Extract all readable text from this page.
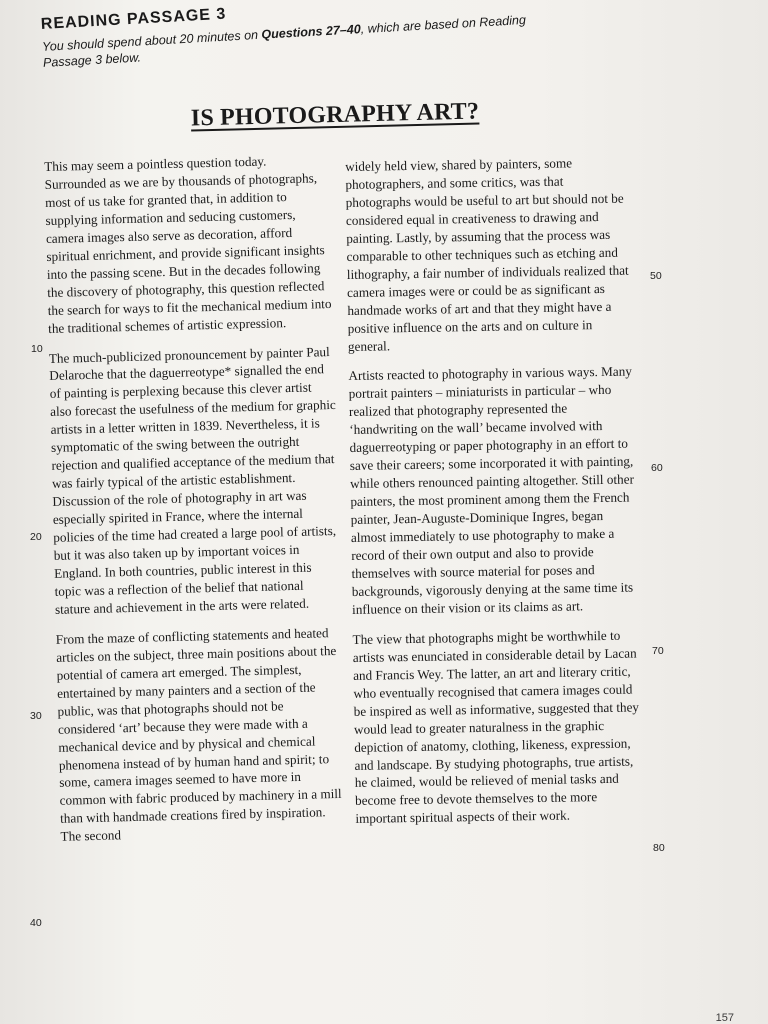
READING PASSAGE 3
You should spend about 20 minutes on Questions 27–40, which are based on Reading Passage 3 below.
IS PHOTOGRAPHY ART?

This may seem a pointless question today. Surrounded as we are by thousands of photographs, most of us take for granted that, in addition to supplying information and seducing customers, camera images also serve as decoration, afford spiritual enrichment, and provide significant insights into the passing scene. But in the decades following the discovery of photography, this question reflected the search for ways to fit the mechanical medium into the traditional schemes of artistic expression.

The much-publicized pronouncement by painter Paul Delaroche that the daguerreotype* signalled the end of painting is perplexing because this clever artist also forecast the usefulness of the medium for graphic artists in a letter written in 1839. Nevertheless, it is symptomatic of the swing between the outright rejection and qualified acceptance of the medium that was fairly typical of the artistic establishment. Discussion of the role of photography in art was especially spirited in France, where the internal policies of the time had created a large pool of artists, but it was also taken up by important voices in England. In both countries, public interest in this topic was a reflection of the belief that national stature and achievement in the arts were related.

From the maze of conflicting statements and heated articles on the subject, three main positions about the potential of camera art emerged. The simplest, entertained by many painters and a section of the public, was that photographs should not be considered ‘art’ because they were made with a mechanical device and by physical and chemical phenomena instead of by human hand and spirit; to some, camera images seemed to have more in common with fabric produced by machinery in a mill than with handmade creations fired by inspiration. The second

widely held view, shared by painters, some photographers, and some critics, was that photographs would be useful to art but should not be considered equal in creativeness to drawing and painting. Lastly, by assuming that the process was comparable to other techniques such as etching and lithography, a fair number of individuals realized that camera images were or could be as significant as handmade works of art and that they might have a positive influence on the arts and on culture in general.

Artists reacted to photography in various ways. Many portrait painters – miniaturists in particular – who realized that photography represented the ‘handwriting on the wall’ became involved with daguerreotyping or paper photography in an effort to save their careers; some incorporated it with painting, while others renounced painting altogether. Still other painters, the most prominent among them the French painter, Jean-Auguste-Dominique Ingres, began almost immediately to use photography to make a record of their own output and also to provide themselves with source material for poses and backgrounds, vigorously denying at the same time its influence on their vision or its claims as art.

The view that photographs might be worthwhile to artists was enunciated in considerable detail by Lacan and Francis Wey. The latter, an art and literary critic, who eventually recognised that camera images could be inspired as well as informative, suggested that they would lead to greater naturalness in the graphic depiction of anatomy, clothing, likeness, expression, and landscape. By studying photographs, true artists, he claimed, would be relieved of menial tasks and become free to devote themselves to the more important spiritual aspects of their work.

10
20
30
40
50
60
70
80
157
